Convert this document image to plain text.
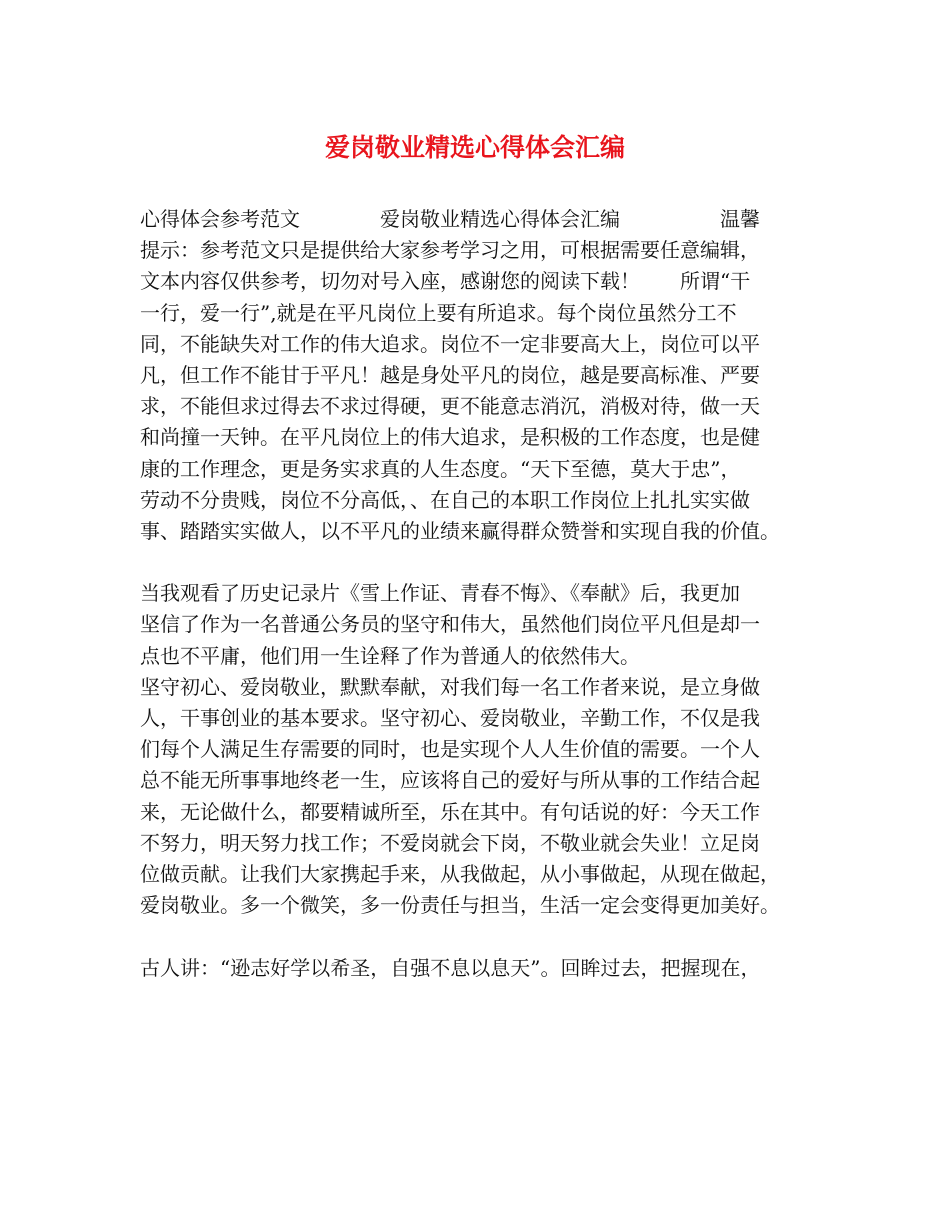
爱岗敬业精选心得体会汇编
心得体会参考范文　　　　爱岗敬业精选心得体会汇编　　　　　温馨
提示：参考范文只是提供给大家参考学习之用，可根据需要任意编辑，
文本内容仅供参考，切勿对号入座，感谢您的阅读下载！　　所谓“干
一行，爱一行”,就是在平凡岗位上要有所追求。每个岗位虽然分工不
同，不能缺失对工作的伟大追求。岗位不一定非要高大上，岗位可以平
凡，但工作不能甘于平凡！越是身处平凡的岗位，越是要高标准、严要
求，不能但求过得去不求过得硬，更不能意志消沉，消极对待，做一天
和尚撞一天钟。在平凡岗位上的伟大追求，是积极的工作态度，也是健
康的工作理念，更是务实求真的人生态度。“天下至德，莫大于忠”，
劳动不分贵贱，岗位不分高低，、在自己的本职工作岗位上扎扎实实做
事、踏踏实实做人，以不平凡的业绩来赢得群众赞誉和实现自我的价值。
当我观看了历史记录片《雪上作证、青春不悔》、《奉献》后，我更加
坚信了作为一名普通公务员的坚守和伟大，虽然他们岗位平凡但是却一
点也不平庸，他们用一生诠释了作为普通人的依然伟大。
坚守初心、爱岗敬业，默默奉献，对我们每一名工作者来说，是立身做
人，干事创业的基本要求。坚守初心、爱岗敬业，辛勤工作，不仅是我
们每个人满足生存需要的同时，也是实现个人人生价值的需要。一个人
总不能无所事事地终老一生，应该将自己的爱好与所从事的工作结合起
来，无论做什么，都要精诚所至，乐在其中。有句话说的好：今天工作
不努力，明天努力找工作；不爱岗就会下岗，不敬业就会失业！立足岗
位做贡献。让我们大家携起手来，从我做起，从小事做起，从现在做起，
爱岗敬业。多一个微笑，多一份责任与担当，生活一定会变得更加美好。
古人讲：“逊志好学以希圣，自强不息以息天”。回眸过去，把握现在，
